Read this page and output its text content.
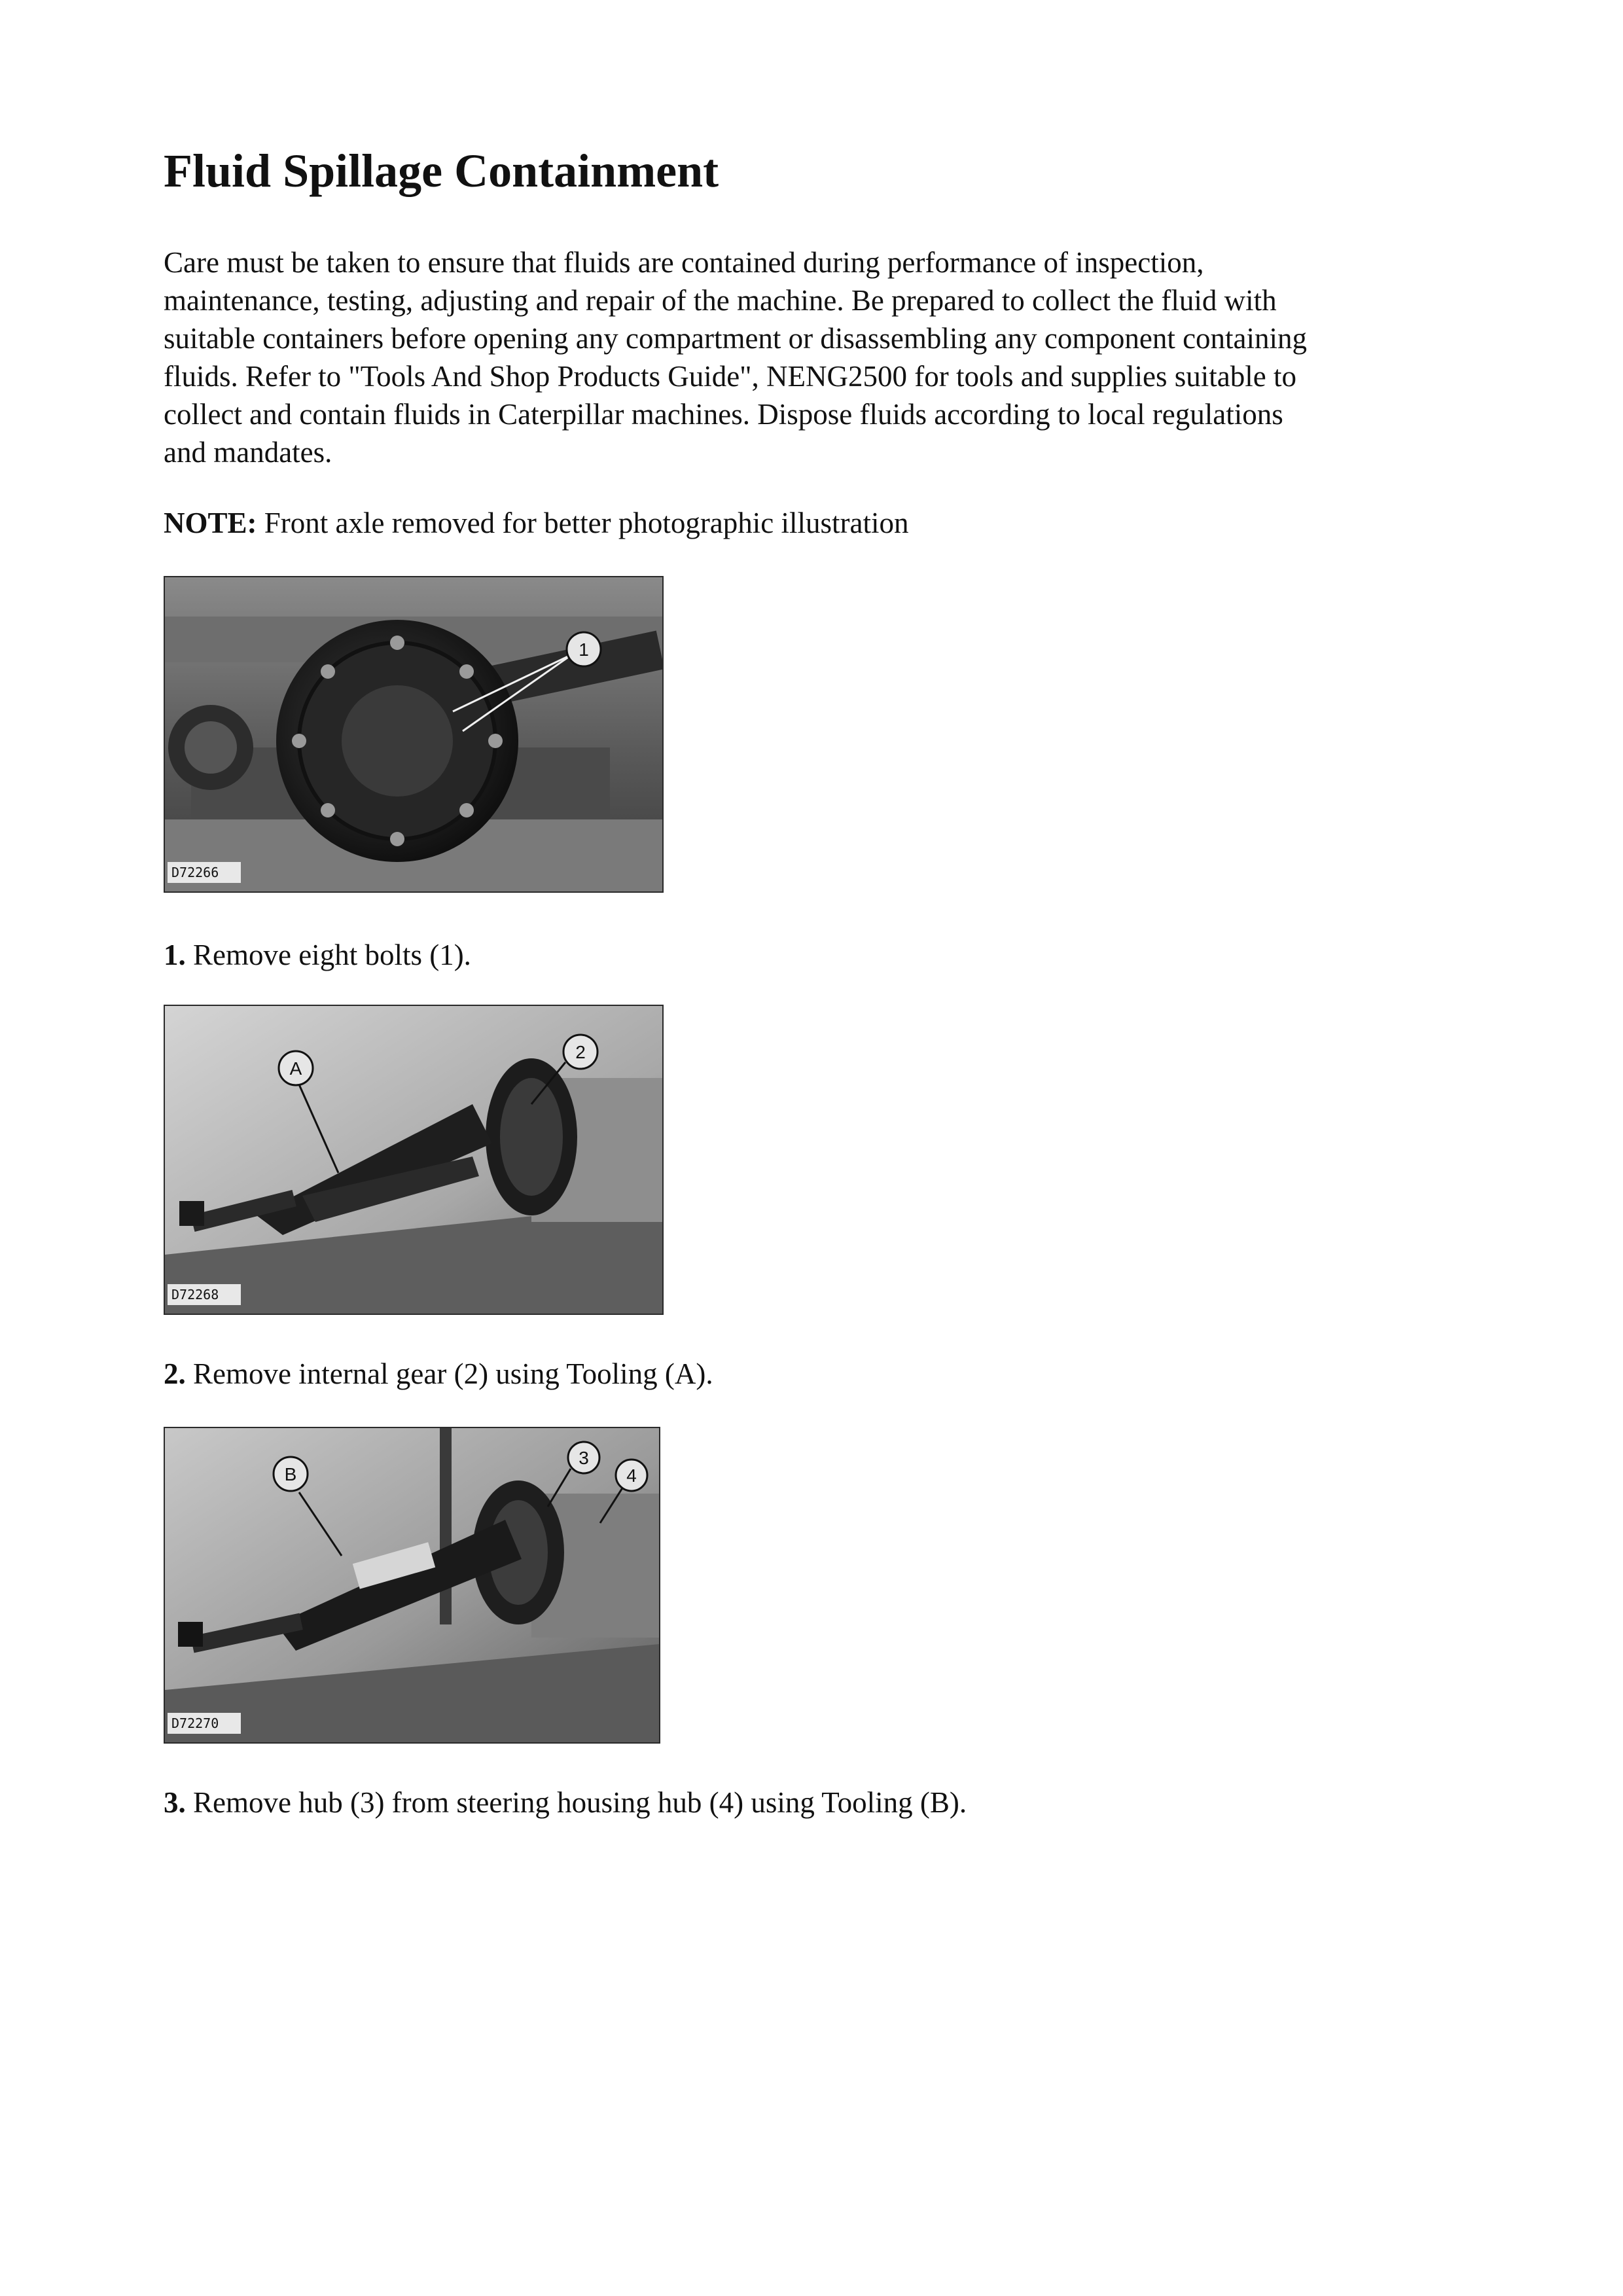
Fluid Spillage Containment

Care must be taken to ensure that fluids are contained during performance of inspection,
maintenance, testing, adjusting and repair of the machine. Be prepared to collect the fluid with
suitable containers before opening any compartment or disassembling any component containing
fluids. Refer to "Tools And Shop Products Guide", NENG2500 for tools and supplies suitable to
collect and contain fluids in Caterpillar machines. Dispose fluids according to local regulations
and mandates.

NOTE: Front axle removed for better photographic illustration

1
D72266

1. Remove eight bolts (1).

A
2
D72268

2. Remove internal gear (2) using Tooling (A).

B
3
4
D72270

3. Remove hub (3) from steering housing hub (4) using Tooling (B).
